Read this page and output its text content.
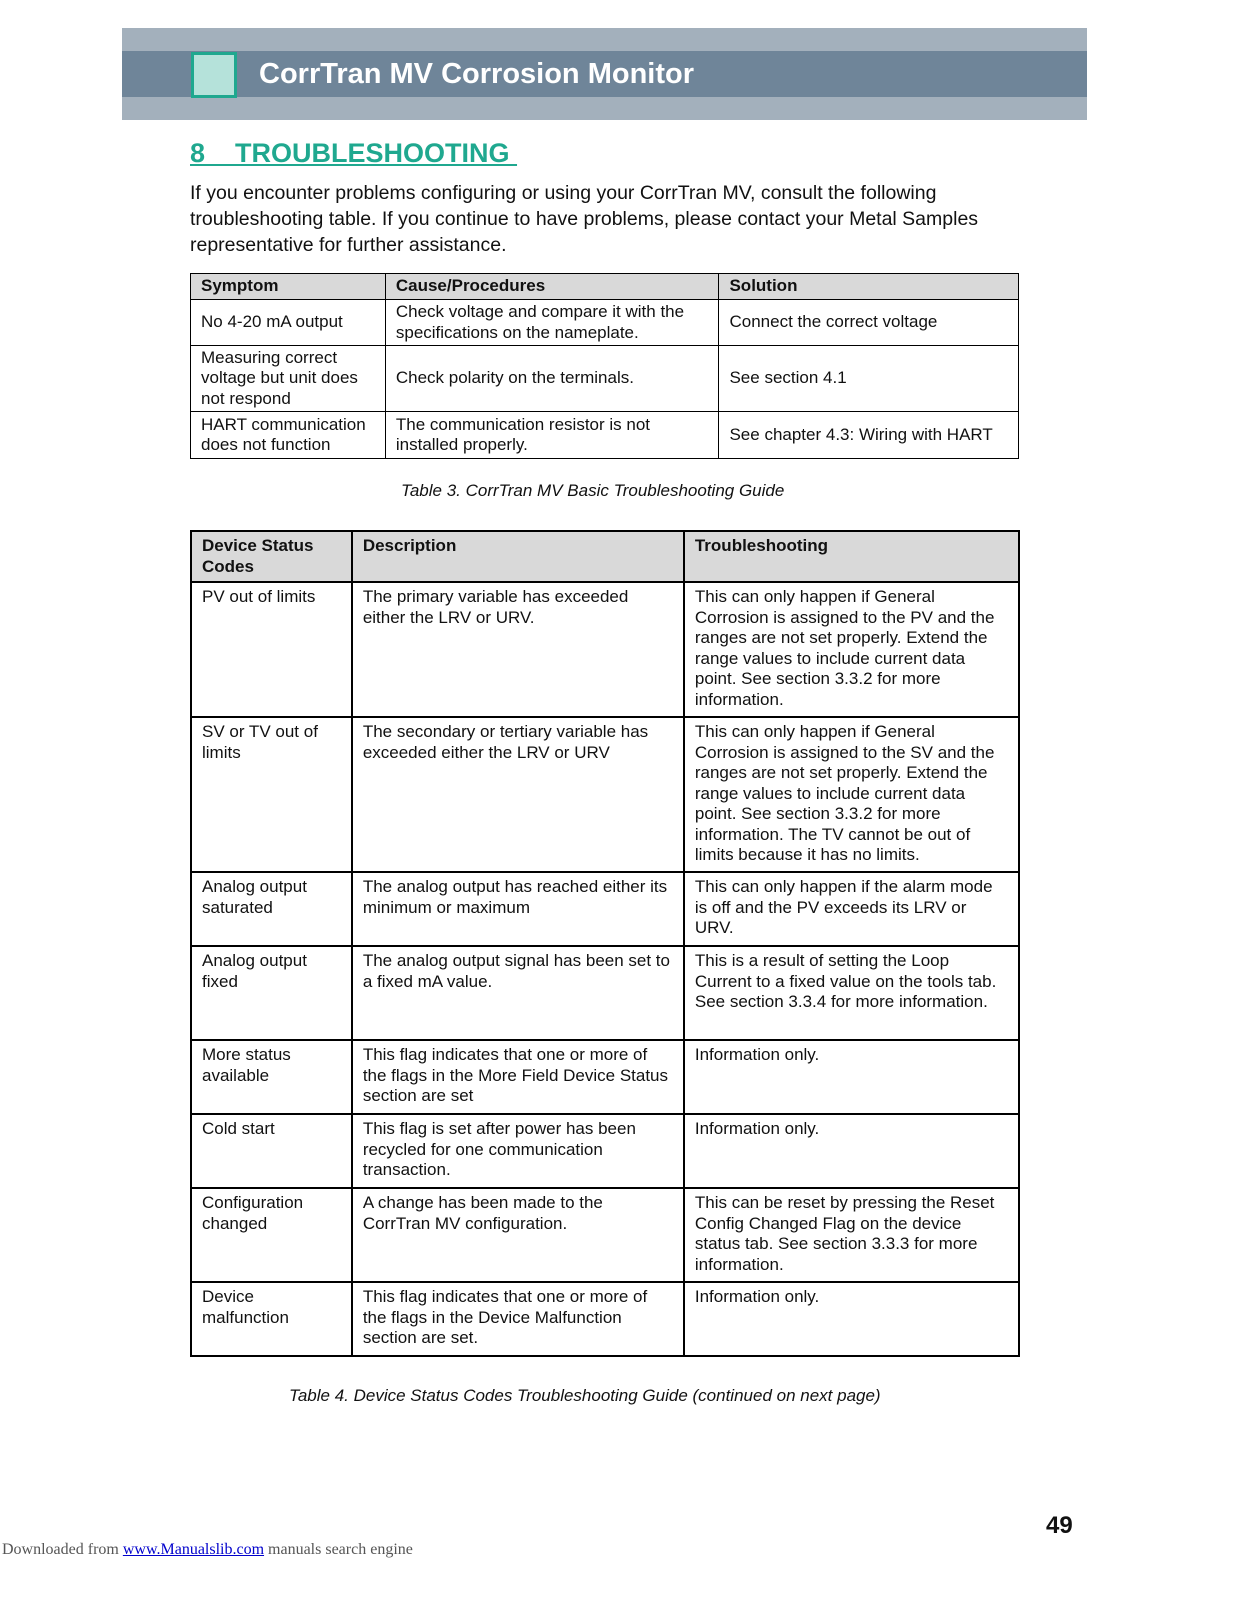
CorrTran MV Corrosion Monitor
8    TROUBLESHOOTING

If you encounter problems configuring or using your CorrTran MV, consult the following troubleshooting table. If you continue to have problems, please contact your Metal Samples representative for further assistance.

Symptom	Cause/Procedures	Solution
No 4-20 mA output	Check voltage and compare it with the specifications on the nameplate.	Connect the correct voltage
Measuring correct voltage but unit does not respond	Check polarity on the terminals.	See section 4.1
HART communication does not function	The communication resistor is not installed properly.	See chapter 4.3: Wiring with HART
Table 3. CorrTran MV Basic Troubleshooting Guide
Device Status Codes	Description	Troubleshooting
PV out of limits	The primary variable has exceeded either the LRV or URV.	This can only happen if General Corrosion is assigned to the PV and the ranges are not set properly. Extend the range values to include current data point. See section 3.3.2 for more information.
SV or TV out of limits	The secondary or tertiary variable has exceeded either the LRV or URV	This can only happen if General Corrosion is assigned to the SV and the ranges are not set properly. Extend the range values to include current data point. See section 3.3.2 for more information. The TV cannot be out of limits because it has no limits.
Analog output saturated	The analog output has reached either its minimum or maximum	This can only happen if the alarm mode is off and the PV exceeds its LRV or URV.
Analog output fixed	The analog output signal has been set to a fixed mA value.	This is a result of setting the Loop Current to a fixed value on the tools tab. See section 3.3.4 for more information.
More status available	This flag indicates that one or more of the flags in the More Field Device Status section are set	Information only.
Cold start	This flag is set after power has been recycled for one communication transaction.	Information only.
Configuration changed	A change has been made to the CorrTran MV configuration.	This can be reset by pressing the Reset Config Changed Flag on the device status tab. See section 3.3.3 for more information.
Device malfunction	This flag indicates that one or more of the flags in the Device Malfunction section are set.	Information only.
Table 4. Device Status Codes Troubleshooting Guide (continued on next page)
49
Downloaded from www.Manualslib.com manuals search engine
